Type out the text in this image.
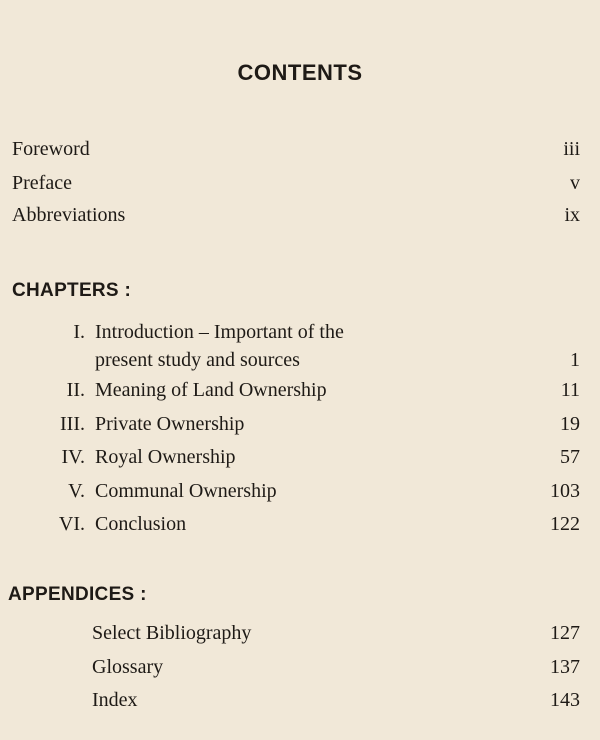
CONTENTS
Foreword	iii
Preface	v
Abbreviations	ix
CHAPTERS :
I. Introduction – Important of the present study and sources	1
II. Meaning of Land Ownership	11
III. Private Ownership	19
IV. Royal Ownership	57
V. Communal Ownership	103
VI. Conclusion	122
APPENDICES :
Select Bibliography	127
Glossary	137
Index	143
